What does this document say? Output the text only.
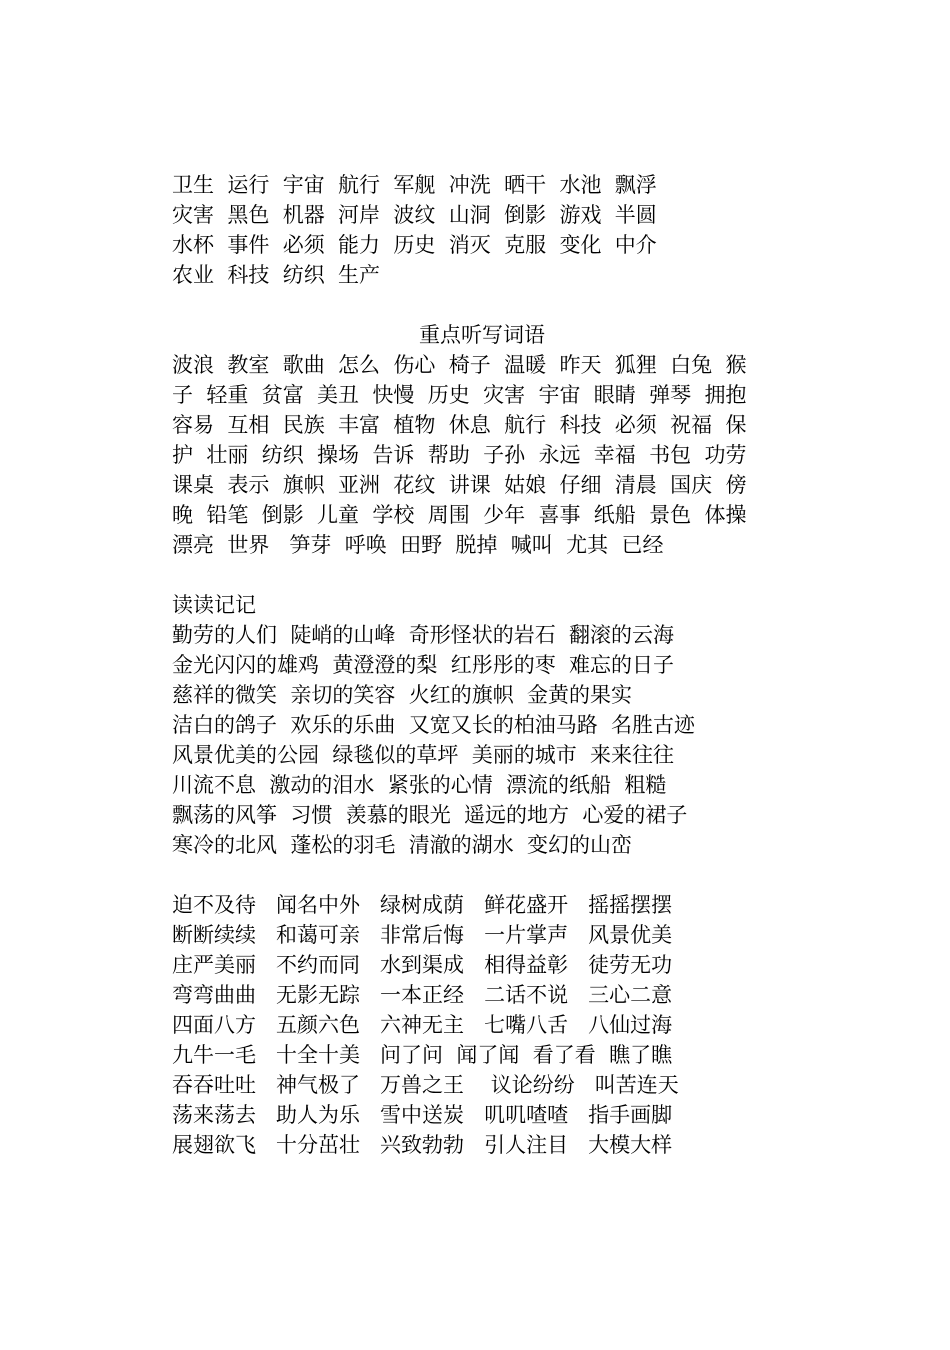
卫生  运行  宇宙  航行  军舰  冲洗  晒干  水池  飘浮
灾害  黑色  机器  河岸  波纹  山洞  倒影  游戏  半圆
水杯  事件  必须  能力  历史  消灭  克服  变化  中介
农业  科技  纺织  生产
重点听写词语
波浪  教室  歌曲  怎么  伤心  椅子  温暖  昨天  狐狸  白兔  猴
子  轻重  贫富  美丑  快慢  历史  灾害  宇宙  眼睛  弹琴  拥抱
容易  互相  民族  丰富  植物  休息  航行  科技  必须  祝福  保
护  壮丽  纺织  操场  告诉  帮助  子孙  永远  幸福  书包  功劳
课桌  表示  旗帜  亚洲  花纹  讲课  姑娘  仔细  清晨  国庆  傍
晚  铅笔  倒影  儿童  学校  周围  少年  喜事  纸船  景色  体操
漂亮  世界   笋芽  呼唤  田野  脱掉  喊叫  尤其  已经
读读记记
勤劳的人们  陡峭的山峰  奇形怪状的岩石  翻滚的云海
金光闪闪的雄鸡  黄澄澄的梨  红彤彤的枣  难忘的日子
慈祥的微笑  亲切的笑容  火红的旗帜  金黄的果实
洁白的鸽子  欢乐的乐曲  又宽又长的柏油马路  名胜古迹
风景优美的公园  绿毯似的草坪  美丽的城市  来来往往
川流不息  激动的泪水  紧张的心情  漂流的纸船  粗糙
飘荡的风筝  习惯  羡慕的眼光  遥远的地方  心爱的裙子
寒冷的北风  蓬松的羽毛  清澈的湖水  变幻的山峦
迫不及待   闻名中外   绿树成荫   鲜花盛开   摇摇摆摆
断断续续   和蔼可亲   非常后悔   一片掌声   风景优美
庄严美丽   不约而同   水到渠成   相得益彰   徒劳无功
弯弯曲曲   无影无踪   一本正经   二话不说   三心二意
四面八方   五颜六色   六神无主   七嘴八舌   八仙过海
九牛一毛   十全十美   问了问  闻了闻  看了看  瞧了瞧
吞吞吐吐   神气极了   万兽之王    议论纷纷   叫苦连天
荡来荡去   助人为乐   雪中送炭   叽叽喳喳   指手画脚
展翅欲飞   十分茁壮   兴致勃勃   引人注目   大模大样
